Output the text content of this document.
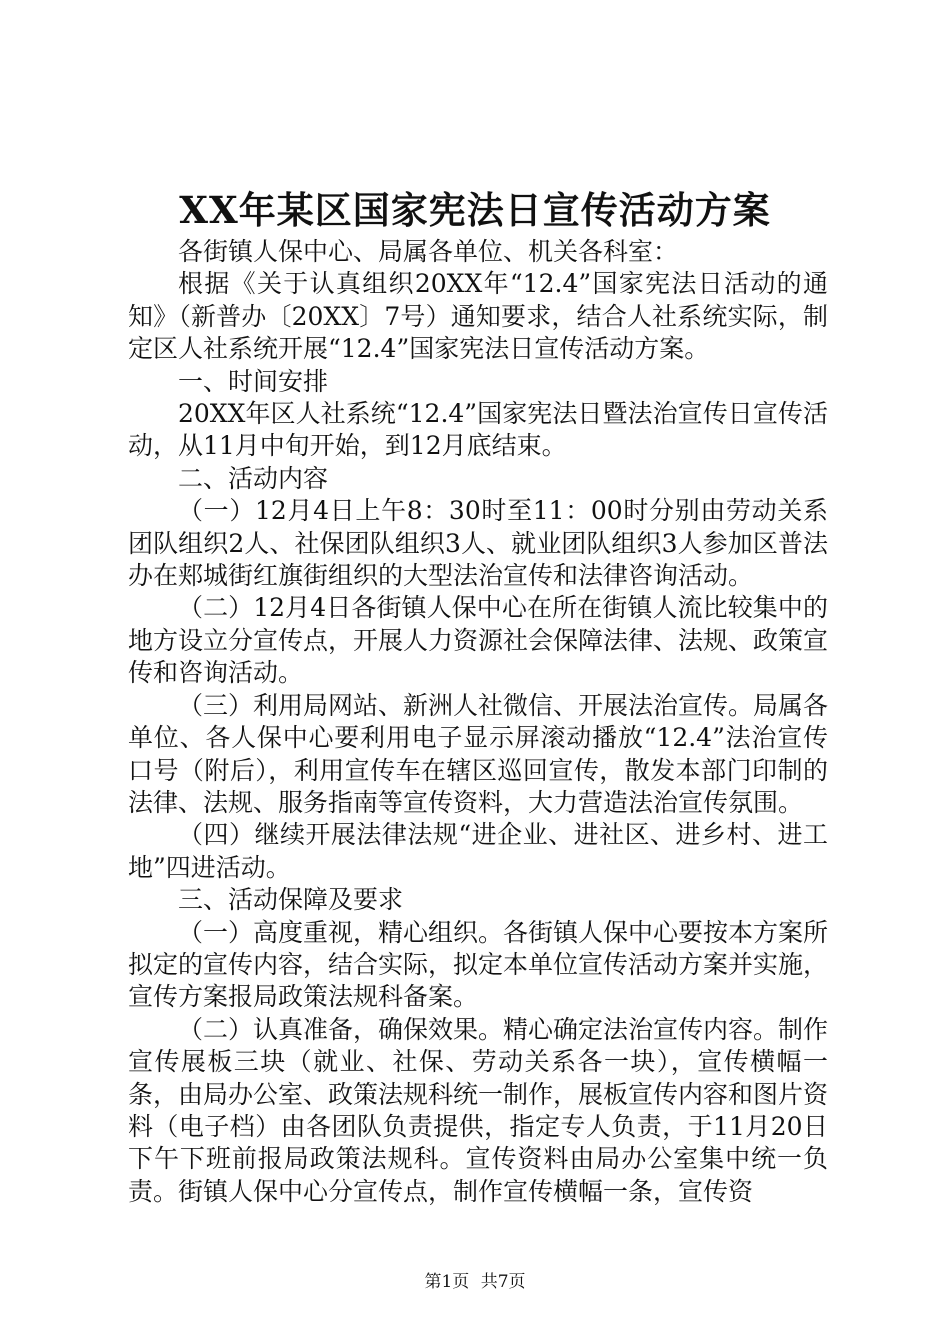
XX年某区国家宪法日宣传活动方案

各街镇人保中心、局属各单位、机关各科室：

根据《关于认真组织20XX年“12.4”国家宪法日活动的通知》（新普办〔20XX〕7号）通知要求，结合人社系统实际，制定区人社系统开展“12.4”国家宪法日宣传活动方案。

一、时间安排

20XX年区人社系统“12.4”国家宪法日暨法治宣传日宣传活动，从11月中旬开始，到12月底结束。

二、活动内容

（一）12月4日上午8：30时至11：00时分别由劳动关系团队组织2人、社保团队组织3人、就业团队组织3人参加区普法办在郏城街红旗街组织的大型法治宣传和法律咨询活动。

（二）12月4日各街镇人保中心在所在街镇人流比较集中的地方设立分宣传点，开展人力资源社会保障法律、法规、政策宣传和咨询活动。

（三）利用局网站、新洲人社微信、开展法治宣传。局属各单位、各人保中心要利用电子显示屏滚动播放“12.4”法治宣传口号（附后），利用宣传车在辖区巡回宣传，散发本部门印制的法律、法规、服务指南等宣传资料，大力营造法治宣传氛围。

（四）继续开展法律法规“进企业、进社区、进乡村、进工地”四进活动。

三、活动保障及要求

（一）高度重视，精心组织。各街镇人保中心要按本方案所拟定的宣传内容，结合实际，拟定本单位宣传活动方案并实施，宣传方案报局政策法规科备案。

（二）认真准备，确保效果。精心确定法治宣传内容。制作宣传展板三块（就业、社保、劳动关系各一块），宣传横幅一条，由局办公室、政策法规科统一制作，展板宣传内容和图片资料（电子档）由各团队负责提供，指定专人负责，于11月20日下午下班前报局政策法规科。宣传资料由局办公室集中统一负责。街镇人保中心分宣传点，制作宣传横幅一条，宣传资

第1页 共7页
